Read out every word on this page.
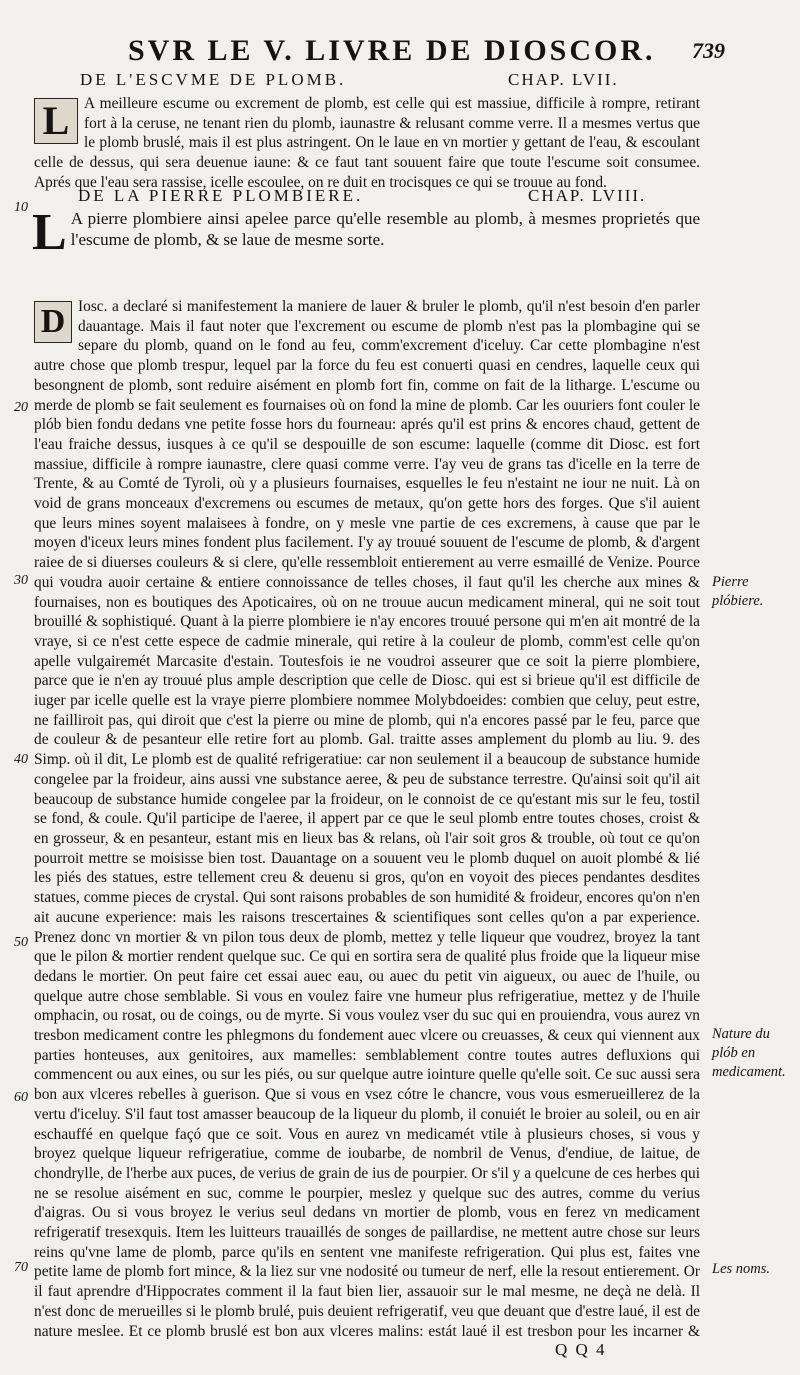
SVR LE V. LIVRE DE DIOSCOR. 739
DE L'ESCVME DE PLOMB.	CHAP. LVII.
L A meilleure escume ou excrement de plomb, est celle qui est massiue, difficile à rompre, retirant fort à la ceruse, ne tenant rien du plomb, iaunastre & relusant comme verre. Il a mesmes vertus que le plomb bruslé, mais il est plus astringent. On le laue en vn mortier y gettant de l'eau, & escoulant celle de dessus, qui sera deuenue iaune: & ce faut tant souuent faire que toute l'escume soit consumee. Aprés que l'eau sera rassise, icelle escoulee, on re duit en trocisques ce qui se trouue au fond.

DE LA PIERRE PLOMBIERE.	CHAP. LVIII.
L A pierre plombiere ainsi apelee parce qu'elle resemble au plomb, à mesmes proprietés que l'escume de plomb, & se laue de mesme sorte.

D Iosc. a declaré si manifestement la maniere de lauer & bruler le plomb, qu'il n'est besoin d'en parler dauantage. Mais il faut noter que l'excrement ou escume de plomb n'est pas la plombagine qui se separe du plomb, quand on le fond au feu, comm'excrement d'iceluy. Car cette plombagine n'est autre chose que plomb trespur, lequel par la force du feu est conuerti quasi en cendres, laquelle ceux qui besongnent de plomb, sont reduire aisément en plomb fort fin, comme on fait de la litharge. L'escume ou merde de plomb se fait seulement es fournaises où on fond la mine de plomb. Car les ouuriers font couler le plób bien fondu dedans vne petite fosse hors du fourneau: aprés qu'il est prins & encores chaud, gettent de l'eau fraiche dessus, iusques à ce qu'il se despouille de son escume: laquelle (comme dit Diosc. est fort massiue, difficile à rompre iaunastre, clere quasi comme verre. I'ay veu de grans tas d'icelle en la terre de Trente, & au Comté de Tyroli, où y a plusieurs fournaises, esquelles le feu n'estaint ne iour ne nuit. Là on void de grans monceaux d'excremens ou escumes de metaux, qu'on gette hors des forges. Que s'il auient que leurs mines soyent malaisees à fondre, on y mesle vne partie de ces excremens, à cause que par le moyen d'iceux leurs mines fondent plus facilement. I'y ay trouué souuent de l'escume de plomb, & d'argent raiee de si diuerses couleurs & si clere, qu'elle ressembloit entierement au verre esmaillé de Venize. Pource qui voudra auoir certaine & entiere connoissance de telles choses, il faut qu'il les cherche aux mines & fournaises, non es boutiques des Apoticaires, où on ne trouue aucun medicament mineral, qui ne soit tout brouillé & sophistiqué. Quant à la pierre plombiere ie n'ay encores trouué persone qui m'en ait montré de la vraye, si ce n'est cette espece de cadmie minerale, qui retire à la couleur de plomb, comm'est celle qu'on apelle vulgairemét Marcasite d'estain. Toutesfois ie ne voudroi asseurer que ce soit la pierre plombiere, parce que ie n'en ay trouué plus ample description que celle de Diosc. qui est si brieue qu'il est difficile de iuger par icelle quelle est la vraye pierre plombiere nommee Molybdoeides: combien que celuy, peut estre, ne failliroit pas, qui diroit que c'est la pierre ou mine de plomb, qui n'a encores passé par le feu, parce que de couleur & de pesanteur elle retire fort au plomb. Gal. traitte asses amplement du plomb au liu. 9. des Simp. où il dit, Le plomb est de qualité refrigeratiue: car non seulement il a beaucoup de substance humide congelee par la froideur, ains aussi vne substance aeree, & peu de substance terrestre. Qu'ainsi soit qu'il ait beaucoup de substance humide congelee par la froideur, on le connoist de ce qu'estant mis sur le feu, tostil se fond, & coule. Qu'il participe de l'aeree, il appert par ce que le seul plomb entre toutes choses, croist & en grosseur, & en pesanteur, estant mis en lieux bas & relans, où l'air soit gros & trouble, où tout ce qu'on pourroit mettre se moisisse bien tost. Dauantage on a souuent veu le plomb duquel on auoit plombé & lié les piés des statues, estre tellement creu & deuenu si gros, qu'on en voyoit des pieces pendantes desdites statues, comme pieces de crystal. Qui sont raisons probables de son humidité & froideur, encores qu'on n'en ait aucune experience: mais les raisons trescertaines & scientifiques sont celles qu'on a par experience. Prenez donc vn mortier & vn pilon tous deux de plomb, mettez y telle liqueur que voudrez, broyez la tant que le pilon & mortier rendent quelque suc. Ce qui en sortira sera de qualité plus froide que la liqueur mise dedans le mortier. On peut faire cet essai auec eau, ou auec du petit vin aigueux, ou auec de l'huile, ou quelque autre chose semblable. Si vous en voulez faire vne humeur plus refrigeratiue, mettez y de l'huile omphacin, ou rosat, ou de coings, ou de myrte. Si vous voulez vser du suc qui en prouiendra, vous aurez vn tresbon medicament contre les phlegmons du fondement auec vlcere ou creuasses, & ceux qui viennent aux parties honteuses, aux genitoires, aux mamelles: semblablement contre toutes autres defluxions qui commencent ou aux eines, ou sur les piés, ou sur quelque autre iointure quelle qu'elle soit. Ce suc aussi sera bon aux vlceres rebelles à guerison. Que si vous en vsez cótre le chancre, vous vous esmerueillerez de la vertu d'iceluy. S'il faut tost amasser beaucoup de la liqueur du plomb, il conuiét le broier au soleil, ou en air eschauffé en quelque façó que ce soit. Vous en aurez vn medicamét vtile à plusieurs choses, si vous y broyez quelque liqueur refrigeratiue, comme de ioubarbe, de nombril de Venus, d'endiue, de laitue, de chondrylle, de l'herbe aux puces, de verius de grain de ius de pourpier. Or s'il y a quelcune de ces herbes qui ne se resolue aisément en suc, comme le pourpier, meslez y quelque suc des autres, comme du verius d'aigras. Ou si vous broyez le verius seul dedans vn mortier de plomb, vous en ferez vn medicament refrigeratif tresexquis. Item les luitteurs trauaillés de songes de paillardise, ne mettent autre chose sur leurs reins qu'vne lame de plomb, parce qu'ils en sentent vne manifeste refrigeration. Qui plus est, faites vne petite lame de plomb fort mince, & la liez sur vne nodosité ou tumeur de nerf, elle la resout entierement. Or il faut aprendre d'Hippocrates comment il la faut bien lier, assauoir sur le mal mesme, ne deçà ne delà. Il n'est donc de merueilles si le plomb brulé, puis deuient refrigeratif, veu que deuant que d'estre laué, il est de nature meslee. Et ce plomb bruslé est bon aux vlceres malins: estát laué il est tresbon pour les incarner &

10
20
30
40
50
60
70
Pierre plóbiere.
Nature du plób en medicament.
Les noms.
Q Q 4
